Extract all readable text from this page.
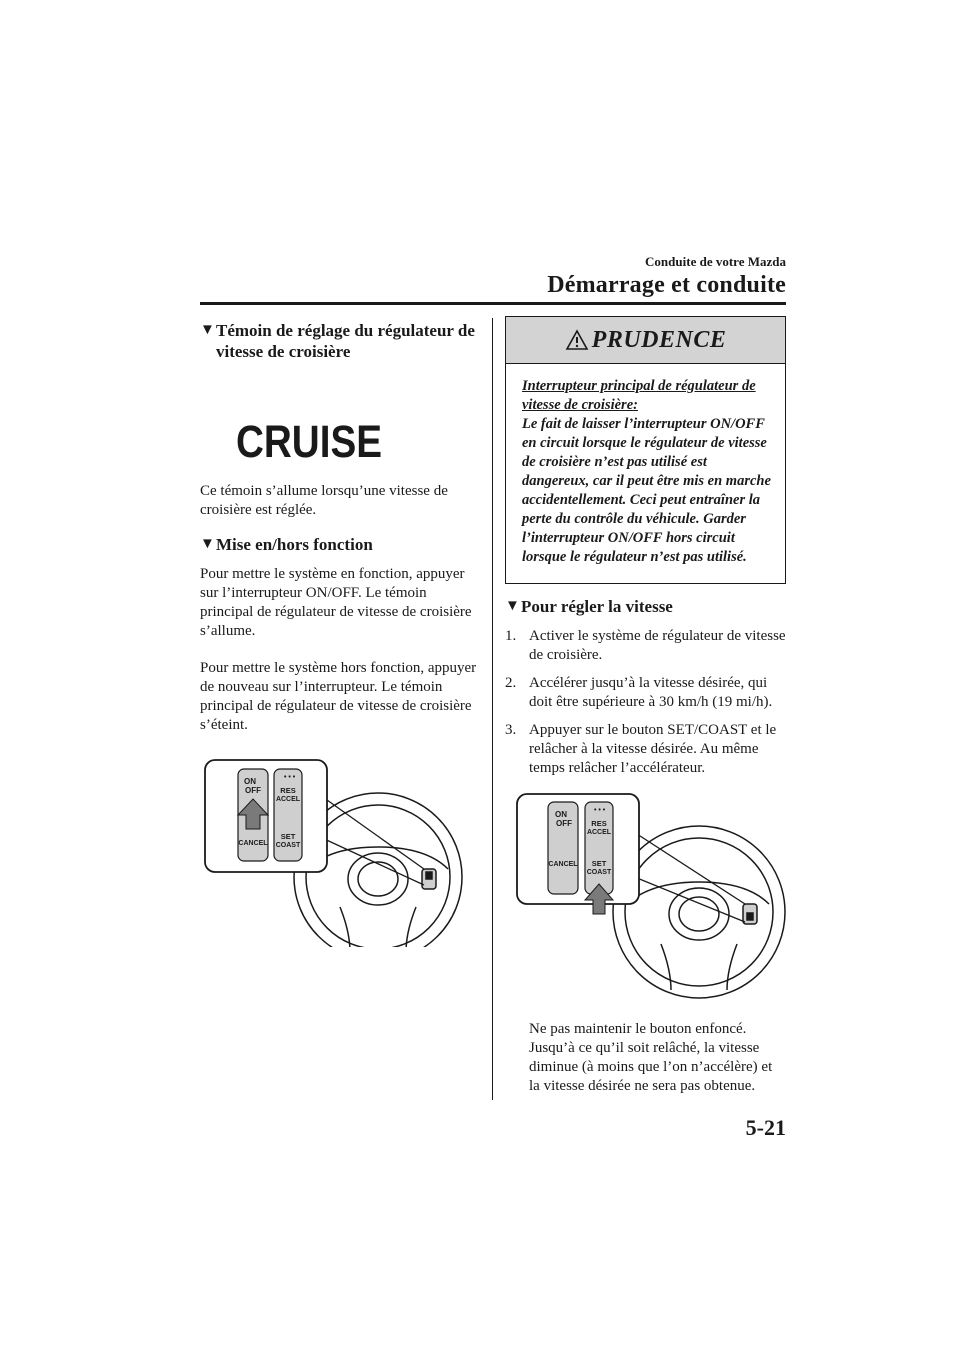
Conduite de votre Mazda
Démarrage et conduite
▼ Témoin de réglage du régulateur de vitesse de croisière
CRUISE

Ce témoin s’allume lorsqu’une vitesse de croisière est réglée.

▼ Mise en/hors fonction

Pour mettre le système en fonction, appuyer sur l’interrupteur ON/OFF. Le témoin principal de régulateur de vitesse de croisière s’allume.

Pour mettre le système hors fonction, appuyer de nouveau sur l’interrupteur. Le témoin principal de régulateur de vitesse de croisière s’éteint.

ON
OFF
CANCEL
• • •
RES
ACCEL
SET
COAST
PRUDENCE
Interrupteur principal de régulateur de vitesse de croisière:
Le fait de laisser l’interrupteur ON/OFF en circuit lorsque le régulateur de vitesse de croisière n’est pas utilisé est dangereux, car il peut être mis en marche accidentellement. Ceci peut entraîner la perte du contrôle du véhicule. Garder l’interrupteur ON/OFF hors circuit lorsque le régulateur n’est pas utilisé.
▼ Pour régler la vitesse
1. Activer le système de régulateur de vitesse de croisière.
2. Accélérer jusqu’à la vitesse désirée, qui doit être supérieure à 30 km/h (19 mi/h).
3. Appuyer sur le bouton SET/COAST et le relâcher à la vitesse désirée. Au même temps relâcher l’accélérateur.
ON
OFF
CANCEL
• • •
RES
ACCEL
SET
COAST

Ne pas maintenir le bouton enfoncé. Jusqu’à ce qu’il soit relâché, la vitesse diminue (à moins que l’on n’accélère) et la vitesse désirée ne sera pas obtenue.

5-21
